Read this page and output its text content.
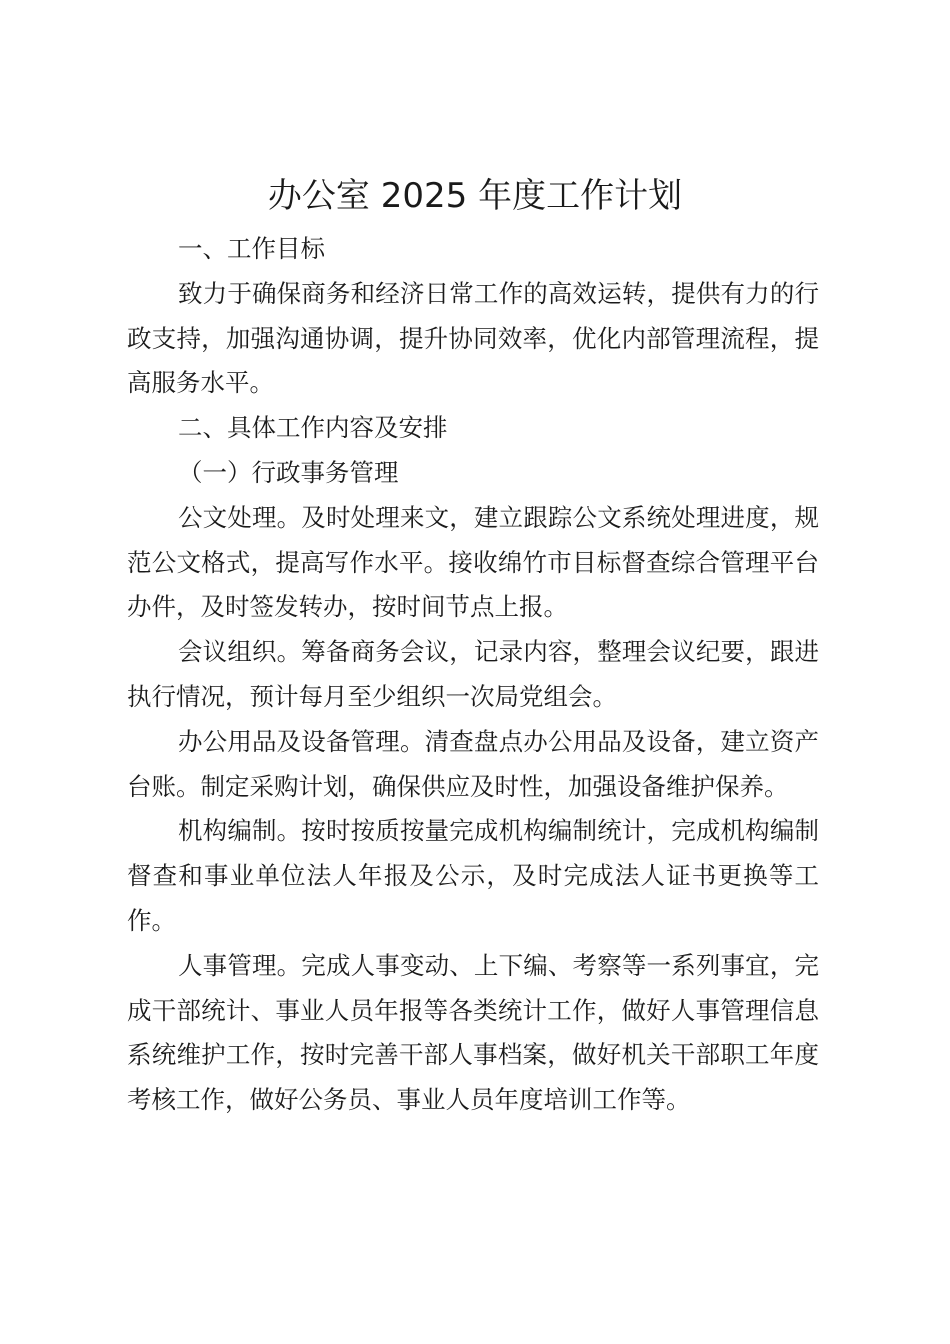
办公室 2025 年度工作计划

一、工作目标

致力于确保商务和经济日常工作的高效运转，提供有力的行政支持，加强沟通协调，提升协同效率，优化内部管理流程，提高服务水平。

二、具体工作内容及安排

（一）行政事务管理

公文处理。及时处理来文，建立跟踪公文系统处理进度，规范公文格式，提高写作水平。接收绵竹市目标督查综合管理平台办件，及时签发转办，按时间节点上报。

会议组织。筹备商务会议，记录内容，整理会议纪要，跟进执行情况，预计每月至少组织一次局党组会。

办公用品及设备管理。清查盘点办公用品及设备，建立资产台账。制定采购计划，确保供应及时性，加强设备维护保养。

机构编制。按时按质按量完成机构编制统计，完成机构编制督查和事业单位法人年报及公示，及时完成法人证书更换等工作。

人事管理。完成人事变动、上下编、考察等一系列事宜，完成干部统计、事业人员年报等各类统计工作，做好人事管理信息系统维护工作，按时完善干部人事档案，做好机关干部职工年度考核工作，做好公务员、事业人员年度培训工作等。
